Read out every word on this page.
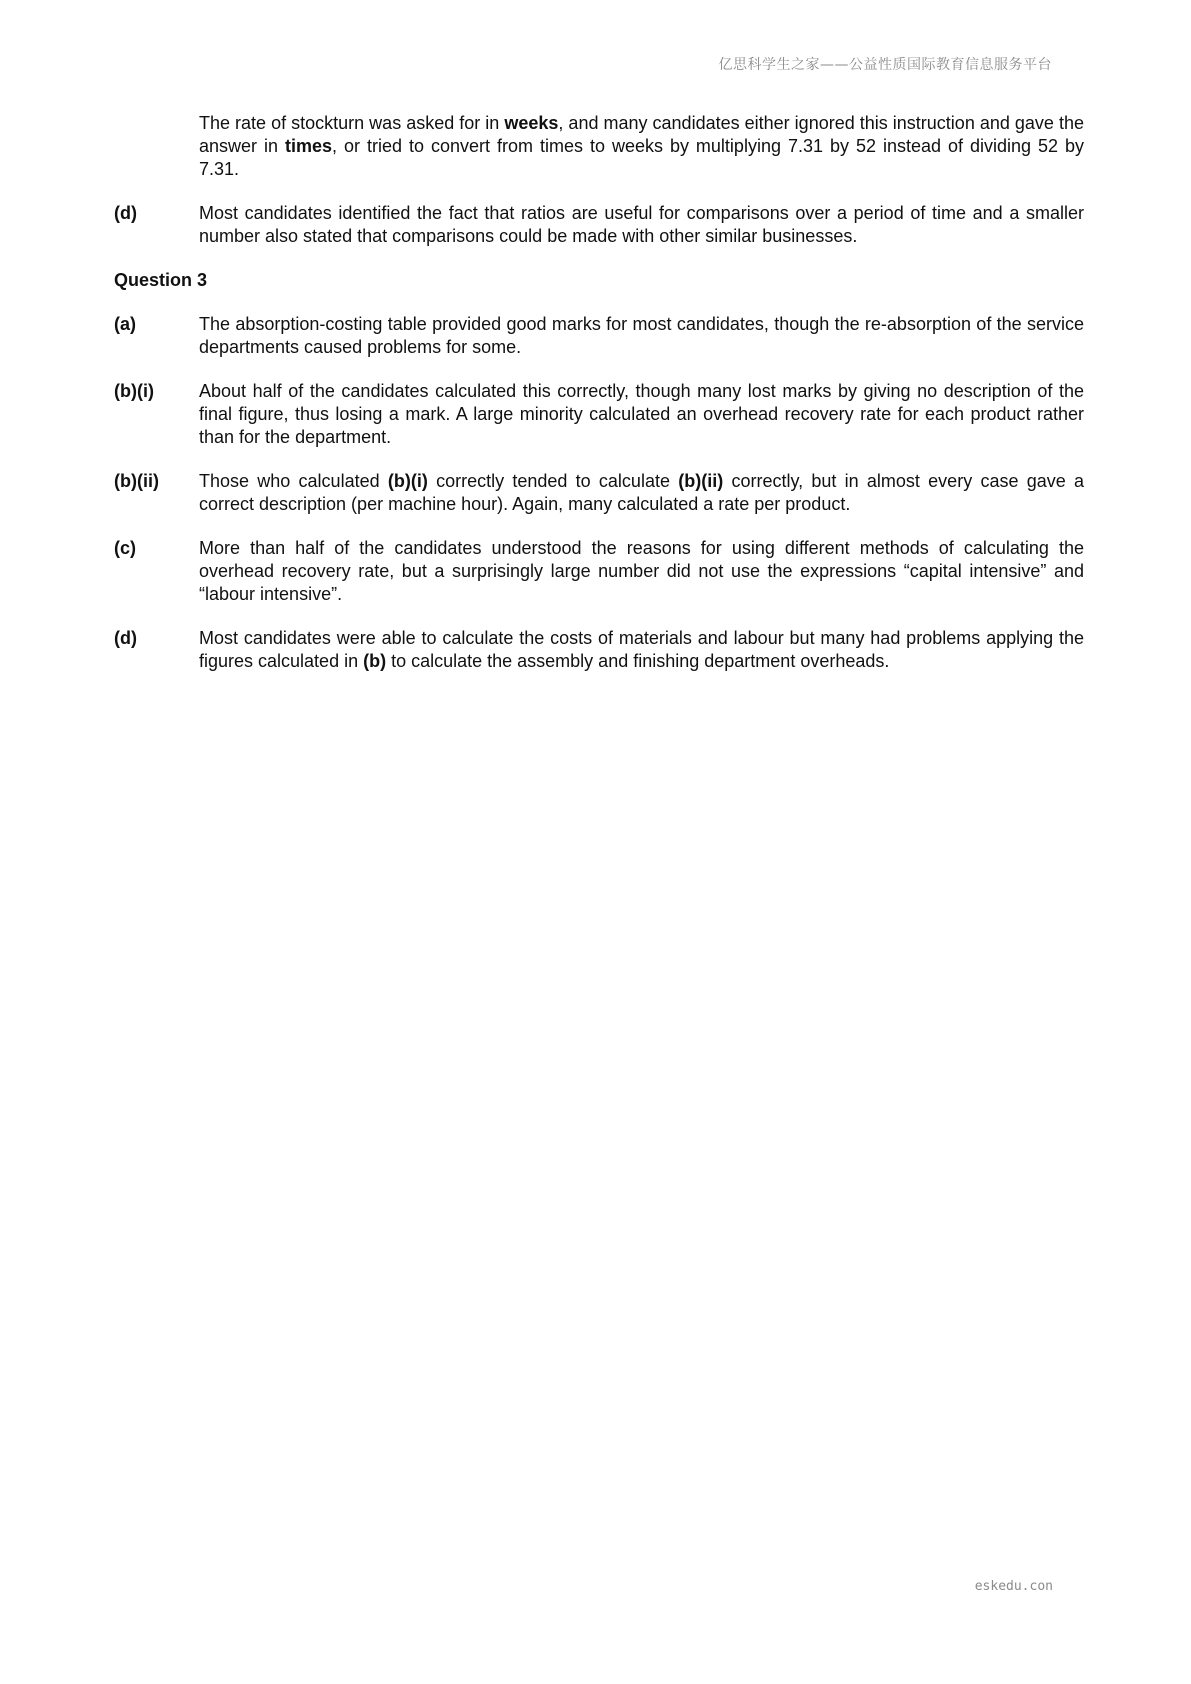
亿思科学生之家——公益性质国际教育信息服务平台
The rate of stockturn was asked for in weeks, and many candidates either ignored this instruction and gave the answer in times, or tried to convert from times to weeks by multiplying 7.31 by 52 instead of dividing 52 by 7.31.
(d)	Most candidates identified the fact that ratios are useful for comparisons over a period of time and a smaller number also stated that comparisons could be made with other similar businesses.
Question 3
(a)	The absorption-costing table provided good marks for most candidates, though the re-absorption of the service departments caused problems for some.
(b)(i)	About half of the candidates calculated this correctly, though many lost marks by giving no description of the final figure, thus losing a mark. A large minority calculated an overhead recovery rate for each product rather than for the department.
(b)(ii)	Those who calculated (b)(i) correctly tended to calculate (b)(ii) correctly, but in almost every case gave a correct description (per machine hour). Again, many calculated a rate per product.
(c)	More than half of the candidates understood the reasons for using different methods of calculating the overhead recovery rate, but a surprisingly large number did not use the expressions “capital intensive” and “labour intensive”.
(d)	Most candidates were able to calculate the costs of materials and labour but many had problems applying the figures calculated in (b) to calculate the assembly and finishing department overheads.
eskedu.con
